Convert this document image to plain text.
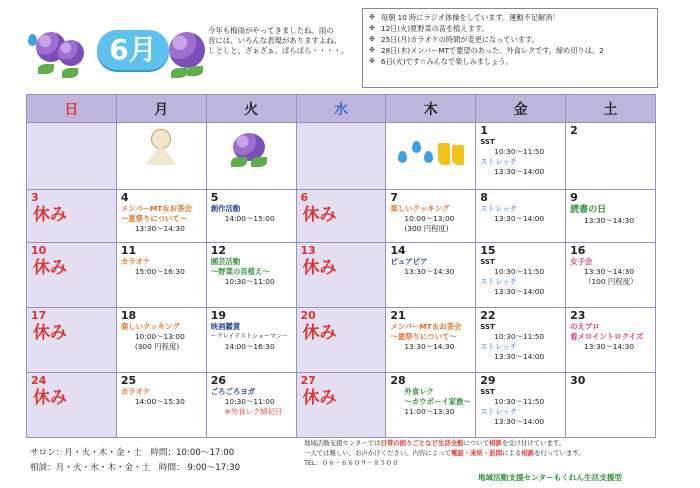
6月
今年も梅雨がやってきましたね。雨の
音には、いろんな表現がありますよね。
しとしと、ざぁざぁ、ぱらぱら・・・・。
✤ 毎朝 10 時にラジオ体操をしています。運動不足解消！
✤ 12日(火)夏野菜の苗を植えます。
✤ 25日(月)カラオケの時間が変更になっています。
✤ 28日(木)メンバーMTで要望のあった、外食レクです。締め切りは、2
✤ 6日(火)です☆みんなで楽しみましょう。
日	月	火	水	木	金	土

					1
SST
10:30～11:50
ストレッチ
13:30～14:00	2

3
休み	4
メンバーMT＆お茶会
～夏祭りについて～
13:30～14:30	5
創作活動
14:00～15:00	6
休み	7
楽しいクッキング
10:00～13:00
(300 円程度)	8
ストレッチ
13:30～14:00	9
読書の日
13:30～14:30

10
休み	11
カラオケ
15:00～16:30	12
園芸活動
～野菜の苗植え～
10:30～11:00	13
休み	14
ピュアピア
13:30～14:30	15
SST
10:30～11:50
ストレッチ
13:30～14:00	16
女子会
13:30～14:30
（100 円程度）

17
休み	18
楽しいクッキング
10:00～13:00
(300 円程度)	19
映画鑑賞
～グレイテストショーマン～
14:00～16:30	20
休み	21
メンバーMT＆お茶会
～夏祭りについて～
13:30～14:30	22
SST
10:30～11:50
ストレッチ
13:30～14:00	23
のえプロ
看メロイントロクイズ
13:30～14:30

24
休み	25
カラオケ
14:00～15:30	26
ごろごろヨガ
10:30～11:00
※外食レク締切日	27
休み	28
外食レク
～カウボーイ家族～
11:00～13:30	29
SST
10:30～11:50
ストレッチ
13:30～14:00	30
サロン：月・火・木・金・土　時間：10:00～17:00
相談：月・火・水・木・金・土　時間： 9:00～17:30
地域活動支援センターでは日常の困りごとなど生活全般について相談を受け付けています。
一人では難しい、お声かけください。内容によって電話・来所・訪問による相談を行っています。
TEL：０６－６６０９－８５００
地域活動支援センターもくれん生活支援型
